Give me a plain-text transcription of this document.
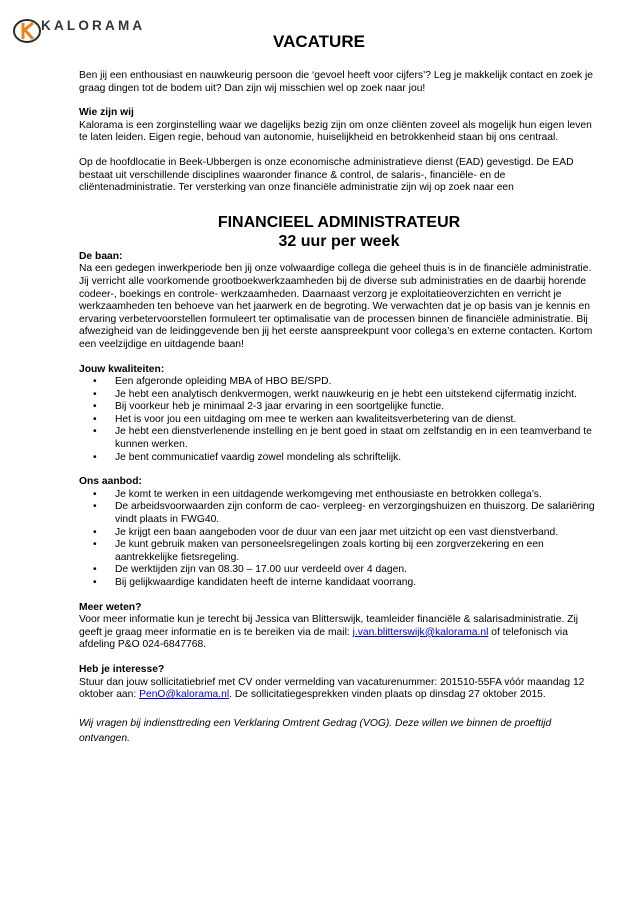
KALORAMA
VACATURE

Ben jij een enthousiast en nauwkeurig persoon die ‘gevoel heeft voor cijfers’? Leg je makkelijk contact en zoek je graag dingen tot de bodem uit? Dan zijn wij misschien wel op zoek naar jou!

Wie zijn wij

Kalorama is een zorginstelling waar we dagelijks bezig zijn om onze cliënten zoveel als mogelijk hun eigen leven te laten leiden. Eigen regie, behoud van autonomie, huiselijkheid en betrokkenheid staan bij ons centraal.

Op de hoofdlocatie in Beek-Ubbergen is onze economische administratieve dienst (EAD) gevestigd. De EAD bestaat uit verschillende disciplines waaronder finance & control, de salaris-, financiële- en de cliëntenadministratie. Ter versterking van onze financiële administratie zijn wij op zoek naar een

FINANCIEEL ADMINISTRATEUR
32 uur per week

De baan:

Na een gedegen inwerkperiode ben jij onze volwaardige collega die geheel thuis is in de financiële administratie. Jij verricht alle voorkomende grootboekwerkzaamheden bij de diverse sub administraties en de daarbij horende codeer-, boekings en controle- werkzaamheden. Daarnaast verzorg je exploitatieoverzichten en verricht je werkzaamheden ten behoeve van het jaarwerk en de begroting. We verwachten dat je op basis van je kennis en ervaring verbetervoorstellen formuleert ter optimalisatie van de processen binnen de financiële administratie. Bij afwezigheid van de leidinggevende ben jij het eerste aanspreekpunt voor collega’s en externe contacten. Kortom een veelzijdige en uitdagende baan!

Jouw kwaliteiten:

• Een afgeronde opleiding MBA of HBO BE/SPD.
• Je hebt een analytisch denkvermogen, werkt nauwkeurig en je hebt een uitstekend cijfermatig inzicht.
• Bij voorkeur heb je minimaal 2-3 jaar ervaring in een soortgelijke functie.
• Het is voor jou een uitdaging om mee te werken aan kwaliteitsverbetering van de dienst.
• Je hebt een dienstverlenende instelling en je bent goed in staat om zelfstandig en in een teamverband te kunnen werken.
• Je bent communicatief vaardig zowel mondeling als schriftelijk.

Ons aanbod:

• Je komt te werken in een uitdagende werkomgeving met enthousiaste en betrokken collega’s.
• De arbeidsvoorwaarden zijn conform de cao- verpleeg- en verzorgingshuizen en thuiszorg. De salariëring vindt plaats in FWG40.
• Je krijgt een baan aangeboden voor de duur van een jaar met uitzicht op een vast dienstverband.
• Je kunt gebruik maken van personeelsregelingen zoals korting bij een zorgverzekering en een aantrekkelijke fietsregeling.
• De werktijden zijn van 08.30 – 17.00 uur verdeeld over 4 dagen.
• Bij gelijkwaardige kandidaten heeft de interne kandidaat voorrang.

Meer weten?

Voor meer informatie kun je terecht bij Jessica van Blitterswijk, teamleider financiële & salarisadministratie. Zij geeft je graag meer informatie en is te bereiken via de mail: j.van.blitterswijk@kalorama.nl of telefonisch via afdeling P&O 024-6847768.

Heb je interesse?

Stuur dan jouw sollicitatiebrief met CV onder vermelding van vacaturenummer: 201510-55FA vóór maandag 12 oktober aan: PenO@kalorama.nl. De sollicitatiegesprekken vinden plaats op dinsdag 27 oktober 2015.

Wij vragen bij indiensttreding een Verklaring Omtrent Gedrag (VOG). Deze willen we binnen de proeftijd ontvangen.
